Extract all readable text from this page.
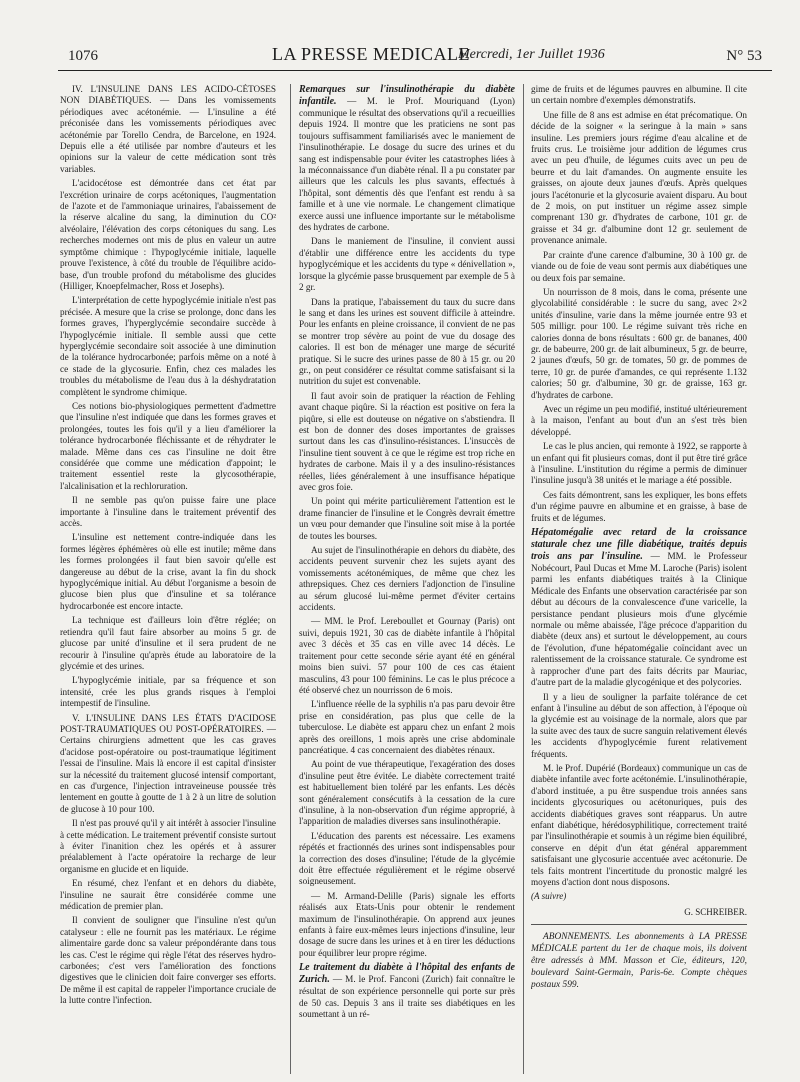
1076	LA PRESSE MEDICALE
Mercredi, 1er Juillet 1936	N° 53

IV. L'INSULINE DANS LES ACIDO-CÉTOSES NON DIABÉTIQUES. — Dans les vomissements périodiques avec acétonémie. — L'insuline a été préconisée dans les vomissements périodiques avec acétonémie par Torello Cendra, de Barcelone, en 1924. Depuis elle a été utilisée par nombre d'auteurs et les opinions sur la valeur de cette médication sont très variables.

L'acidocétose est démontrée dans cet état par l'excrétion urinaire de corps acétoniques, l'augmentation de l'azote et de l'ammoniaque urinaires, l'abaissement de la réserve alcaline du sang, la diminution du CO² alvéolaire, l'élévation des corps cétoniques du sang. Les recherches modernes ont mis de plus en valeur un autre symptôme chimique : l'hypoglycémie initiale, laquelle prouve l'existence, à côté du trouble de l'équilibre acido-base, d'un trouble profond du métabolisme des glucides (Hilliger, Knoepfelmacher, Ross et Josephs).

L'interprétation de cette hypoglycémie initiale n'est pas précisée. A mesure que la crise se prolonge, donc dans les formes graves, l'hyperglycémie secondaire succède à l'hypoglycémie initiale. Il semble aussi que cette hyperglycémie secondaire soit associée à une diminution de la tolérance hydrocarbonée; parfois même on a noté à ce stade de la glycosurie. Enfin, chez ces malades les troubles du métabolisme de l'eau dus à la déshydratation complètent le syndrome chimique.

Ces notions bio-physiologiques permettent d'admettre que l'insuline n'est indiquée que dans les formes graves et prolongées, toutes les fois qu'il y a lieu d'améliorer la tolérance hydrocarbonée fléchissante et de réhydrater le malade. Même dans ces cas l'insuline ne doit être considérée que comme une médication d'appoint; le traitement essentiel reste la glycosothérapie, l'alcalinisation et la rechloruration.

Il ne semble pas qu'on puisse faire une place importante à l'insuline dans le traitement préventif des accès.

L'insuline est nettement contre-indiquée dans les formes légères éphémères où elle est inutile; même dans les formes prolongées il faut bien savoir qu'elle est dangereuse au début de la crise, avant la fin du shock hypoglycémique initial. Au début l'organisme a besoin de glucose bien plus que d'insuline et sa tolérance hydrocarbonée est encore intacte.

La technique est d'ailleurs loin d'être réglée; on retiendra qu'il faut faire absorber au moins 5 gr. de glucose par unité d'insuline et il sera prudent de ne recourir à l'insuline qu'après étude au laboratoire de la glycémie et des urines.

L'hypoglycémie initiale, par sa fréquence et son intensité, crée les plus grands risques à l'emploi intempestif de l'insuline.

V. L'INSULINE DANS LES ÉTATS D'ACIDOSE POST-TRAUMATIQUES OU POST-OPÉRATOIRES. — Certains chirurgiens admettent que les cas graves d'acidose post-opératoire ou post-traumatique légitiment l'essai de l'insuline. Mais là encore il est capital d'insister sur la nécessité du traitement glucosé intensif comportant, en cas d'urgence, l'injection intraveineuse poussée très lentement en goutte à goutte de 1 à 2 à un litre de solution de glucose à 10 pour 100.

Il n'est pas prouvé qu'il y ait intérêt à associer l'insuline à cette médication. Le traitement préventif consiste surtout à éviter l'inanition chez les opérés et à assurer préalablement à l'acte opératoire la recharge de leur organisme en glucide et en liquide.

En résumé, chez l'enfant et en dehors du diabète, l'insuline ne saurait être considérée comme une médication de premier plan.

Il convient de souligner que l'insuline n'est qu'un catalyseur : elle ne fournit pas les matériaux. Le régime alimentaire garde donc sa valeur prépondérante dans tous les cas. C'est le régime qui règle l'état des réserves hydro-carbonées; c'est vers l'amélioration des fonctions digestives que le clinicien doit faire converger ses efforts. De même il est capital de rappeler l'importance cruciale de la lutte contre l'infection.

Remarques sur l'insulinothérapie du diabète infantile. — M. le Prof. Mouriquand (Lyon) communique le résultat des observations qu'il a recueillies depuis 1924. Il montre que les praticiens ne sont pas toujours suffisamment familiarisés avec le maniement de l'insulinothérapie. Le dosage du sucre des urines et du sang est indispensable pour éviter les catastrophes liées à la méconnaissance d'un diabète rénal. Il a pu constater par ailleurs que les calculs les plus savants, effectués à l'hôpital, sont démentis dès que l'enfant est rendu à sa famille et à une vie normale. Le changement climatique exerce aussi une influence importante sur le métabolisme des hydrates de carbone.

Dans le maniement de l'insuline, il convient aussi d'établir une différence entre les accidents du type hypoglycémique et les accidents du type « dénivellation », lorsque la glycémie passe brusquement par exemple de 5 à 2 gr.

Dans la pratique, l'abaissement du taux du sucre dans le sang et dans les urines est souvent difficile à atteindre. Pour les enfants en pleine croissance, il convient de ne pas se montrer trop sévère au point de vue du dosage des calories. Il est bon de ménager une marge de sécurité pratique. Si le sucre des urines passe de 80 à 15 gr. ou 20 gr., on peut considérer ce résultat comme satisfaisant si la nutrition du sujet est convenable.

Il faut avoir soin de pratiquer la réaction de Fehling avant chaque piqûre. Si la réaction est positive on fera la piqûre, si elle est douteuse on négative on s'abstiendra. Il est bon de donner des doses importantes de graisses surtout dans les cas d'insulino-résistances. L'insuccès de l'insuline tient souvent à ce que le régime est trop riche en hydrates de carbone. Mais il y a des insulino-résistances réelles, liées généralement à une insuffisance hépatique avec gros foie.

Un point qui mérite particulièrement l'attention est le drame financier de l'insuline et le Congrès devrait émettre un vœu pour demander que l'insuline soit mise à la portée de toutes les bourses.

Au sujet de l'insulinothérapie en dehors du diabète, des accidents peuvent survenir chez les sujets ayant des vomissements acétonémiques, de même que chez les athrepsiques. Chez ces derniers l'adjonction de l'insuline au sérum glucosé lui-même permet d'éviter certains accidents.

— MM. le Prof. Lereboullet et Gournay (Paris) ont suivi, depuis 1921, 30 cas de diabète infantile à l'hôpital avec 3 décès et 35 cas en ville avec 14 décès. Le traitement pour cette seconde série ayant été en général moins bien suivi. 57 pour 100 de ces cas étaient masculins, 43 pour 100 féminins. Le cas le plus précoce a été observé chez un nourrisson de 6 mois.

L'influence réelle de la syphilis n'a pas paru devoir être prise en considération, pas plus que celle de la tuberculose. Le diabète est apparu chez un enfant 2 mois après des oreillons, 1 mois après une crise abdominale pancréatique. 4 cas concernaient des diabètes rénaux.

Au point de vue thérapeutique, l'exagération des doses d'insuline peut être évitée. Le diabète correctement traité est habituellement bien toléré par les enfants. Les décès sont généralement consécutifs à la cessation de la cure d'insuline, à la non-observation d'un régime approprié, à l'apparition de maladies diverses sans insulinothérapie.

L'éducation des parents est nécessaire. Les examens répétés et fractionnés des urines sont indispensables pour la correction des doses d'insuline; l'étude de la glycémie doit être effectuée régulièrement et le régime observé soigneusement.

— M. Armand-Delille (Paris) signale les efforts réalisés aux Etats-Unis pour obtenir le rendement maximum de l'insulinothérapie. On apprend aux jeunes enfants à faire eux-mêmes leurs injections d'insuline, leur dosage de sucre dans les urines et à en tirer les déductions pour équilibrer leur propre régime.

Le traitement du diabète à l'hôpital des enfants de Zurich. — M. le Prof. Fanconi (Zurich) fait connaître le résultat de son expérience personnelle qui porte sur près de 50 cas. Depuis 3 ans il traite ses diabétiques en les soumettant à un ré-

gime de fruits et de légumes pauvres en albumine. Il cite un certain nombre d'exemples démonstratifs.

Une fille de 8 ans est admise en état précomatique. On décide de la soigner « la seringue à la main » sans insuline. Les premiers jours régime d'eau alcaline et de fruits crus. Le troisième jour addition de légumes crus avec un peu d'huile, de légumes cuits avec un peu de beurre et du lait d'amandes. On augmente ensuite les graisses, on ajoute deux jaunes d'œufs. Après quelques jours l'acétonurie et la glycosurie avaient disparu. Au bout de 2 mois, on put instituer un régime assez simple comprenant 130 gr. d'hydrates de carbone, 101 gr. de graisse et 34 gr. d'albumine dont 12 gr. seulement de provenance animale.

Par crainte d'une carence d'albumine, 30 à 100 gr. de viande ou de foie de veau sont permis aux diabétiques une ou deux fois par semaine.

Un nourrisson de 8 mois, dans le coma, présente une glycolabilité considérable : le sucre du sang, avec 2×2 unités d'insuline, varie dans la même journée entre 93 et 505 milligr. pour 100. Le régime suivant très riche en calories donna de bons résultats : 600 gr. de bananes, 400 gr. de babeurre, 200 gr. de lait albumineux, 5 gr. de beurre, 2 jaunes d'œufs, 50 gr. de tomates, 50 gr. de pommes de terre, 10 gr. de purée d'amandes, ce qui représente 1.132 calories; 50 gr. d'albumine, 30 gr. de graisse, 163 gr. d'hydrates de carbone.

Avec un régime un peu modifié, institué ultérieurement à la maison, l'enfant au bout d'un an s'est très bien développé.

Le cas le plus ancien, qui remonte à 1922, se rapporte à un enfant qui fit plusieurs comas, dont il put être tiré grâce à l'insuline. L'institution du régime a permis de diminuer l'insuline jusqu'à 38 unités et le mariage a été possible.

Ces faits démontrent, sans les expliquer, les bons effets d'un régime pauvre en albumine et en graisse, à base de fruits et de légumes.

Hépatomégalie avec retard de la croissance staturale chez une fille diabétique, traités depuis trois ans par l'insuline. — MM. le Professeur Nobécourt, Paul Ducas et Mme M. Laroche (Paris) isolent parmi les enfants diabétiques traités à la Clinique Médicale des Enfants une observation caractérisée par son début au décours de la convalescence d'une varicelle, la persistance pendant plusieurs mois d'une glycémie normale ou même abaissée, l'âge précoce d'apparition du diabète (deux ans) et surtout le développement, au cours de l'évolution, d'une hépatomégalie coïncidant avec un ralentissement de la croissance staturale. Ce syndrome est à rapprocher d'une part des faits décrits par Mauriac, d'autre part de la maladie glycogénique et des polycories.

Il y a lieu de souligner la parfaite tolérance de cet enfant à l'insuline au début de son affection, à l'époque où la glycémie est au voisinage de la normale, alors que par la suite avec des taux de sucre sanguin relativement élevés les accidents d'hypoglycémie furent relativement fréquents.

M. le Prof. Dupérié (Bordeaux) communique un cas de diabète infantile avec forte acétonémie. L'insulinothérapie, d'abord instituée, a pu être suspendue trois années sans incidents glycosuriques ou acétonuriques, puis des accidents diabétiques graves sont réapparus. Un autre enfant diabétique, hérédosyphilitique, correctement traité par l'insulinothérapie et soumis à un régime bien équilibré, conserve en dépit d'un état général apparemment satisfaisant une glycosurie accentuée avec acétonurie. De tels faits montrent l'incertitude du pronostic malgré les moyens d'action dont nous disposons.

(A suivre)
G. SCHREIBER.

ABONNEMENTS. Les abonnements à LA PRESSE MÉDICALE partent du 1er de chaque mois, ils doivent être adressés à MM. Masson et Cie, éditeurs, 120, boulevard Saint-Germain, Paris-6e. Compte chèques postaux 599.
